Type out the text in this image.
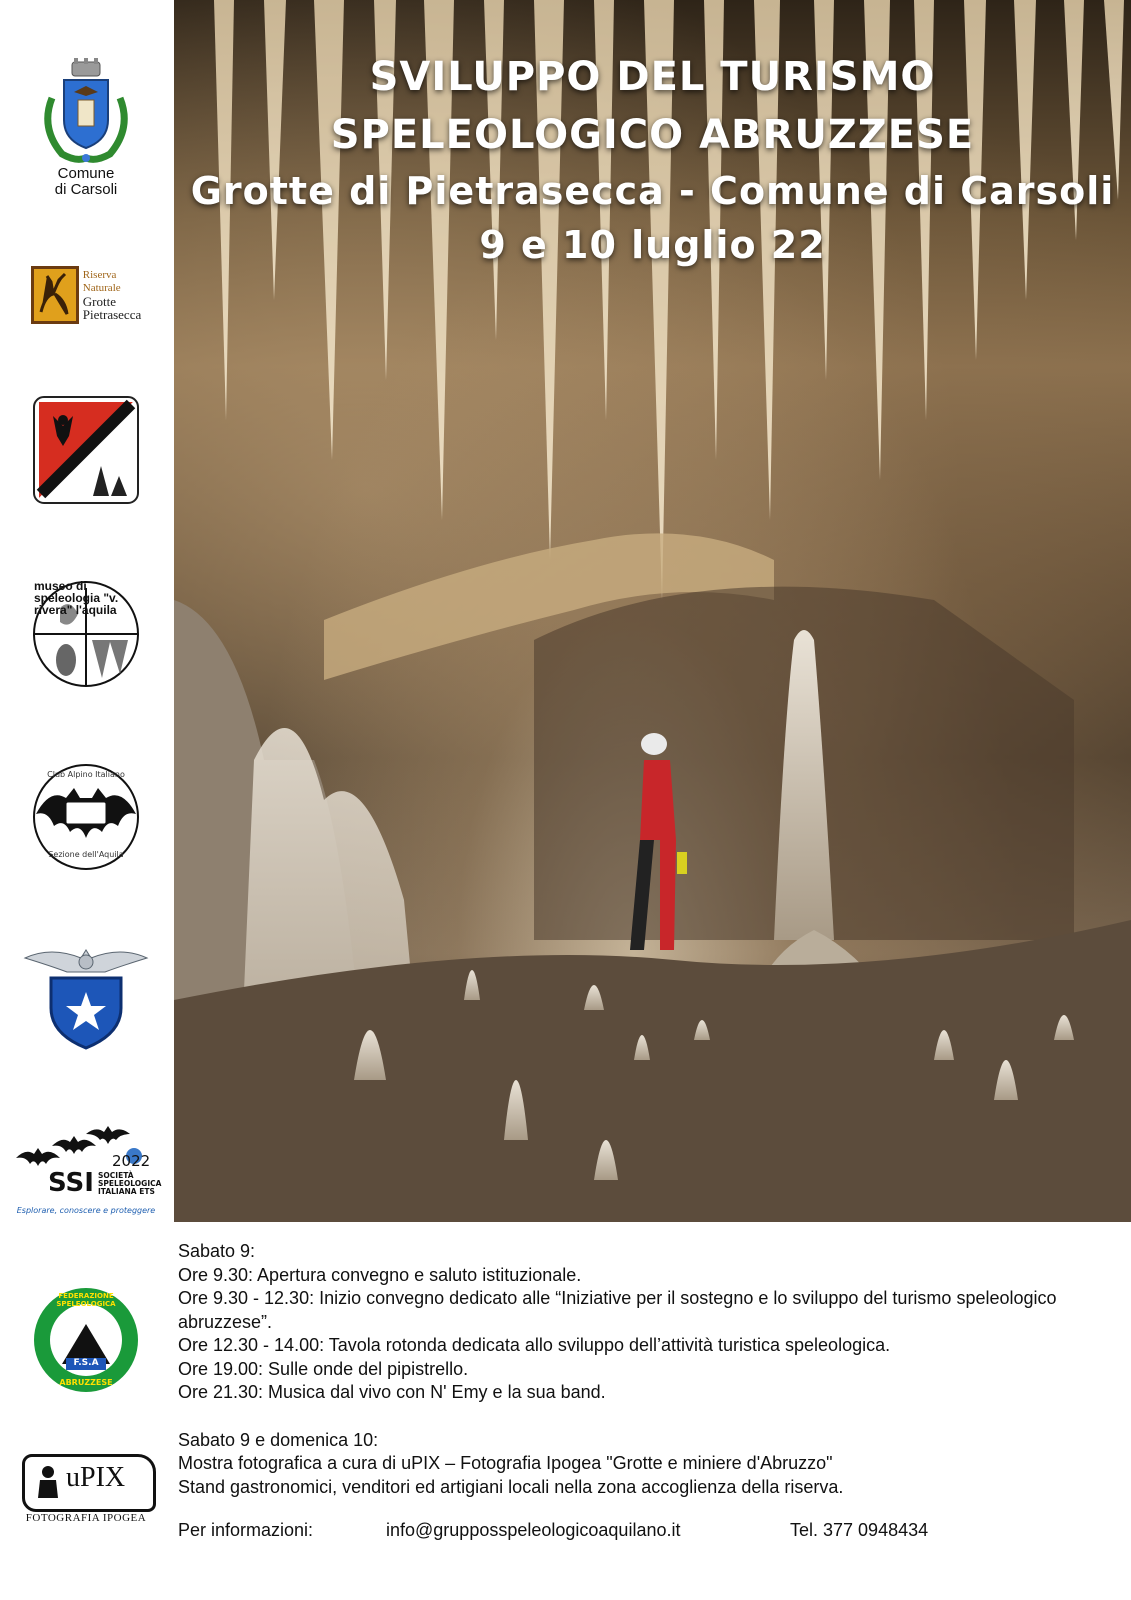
Comune
di Carsoli
Riserva
Naturale
Grotte
Pietrasecca
museo di speleologia "v. rivera" l'aquila
Club Alpino Italiano
Sezione dell'Aquila
2022
SSI SOCIETÀ
SPELEOLOGICA
ITALIANA ETS
Esplorare, conoscere e proteggere
FEDERAZIONE SPELEOLOGICA
F.S.A
ABRUZZESE
uPIX
FOTOGRAFIA IPOGEA
SVILUPPO DEL TURISMO
SPELEOLOGICO ABRUZZESE
Grotte di Pietrasecca - Comune di Carsoli
9 e 10 luglio 22

Sabato 9:

Ore 9.30: Apertura convegno e saluto istituzionale.

Ore 9.30 - 12.30: Inizio convegno dedicato alle “Iniziative per il sostegno e lo sviluppo del turismo speleologico abruzzese”.

Ore 12.30 - 14.00: Tavola rotonda dedicata allo sviluppo dell’attività turistica speleologica.

Ore 19.00: Sulle onde del pipistrello.

Ore 21.30: Musica dal vivo con N' Emy e la sua band.

Sabato 9 e domenica 10:

Mostra fotografica a cura di uPIX – Fotografia Ipogea "Grotte e miniere d'Abruzzo"

Stand gastronomici, venditori ed artigiani locali nella zona accoglienza della riserva.

Per informazioni:	info@grupposspeleologicoaquilano.it	Tel. 377 0948434
